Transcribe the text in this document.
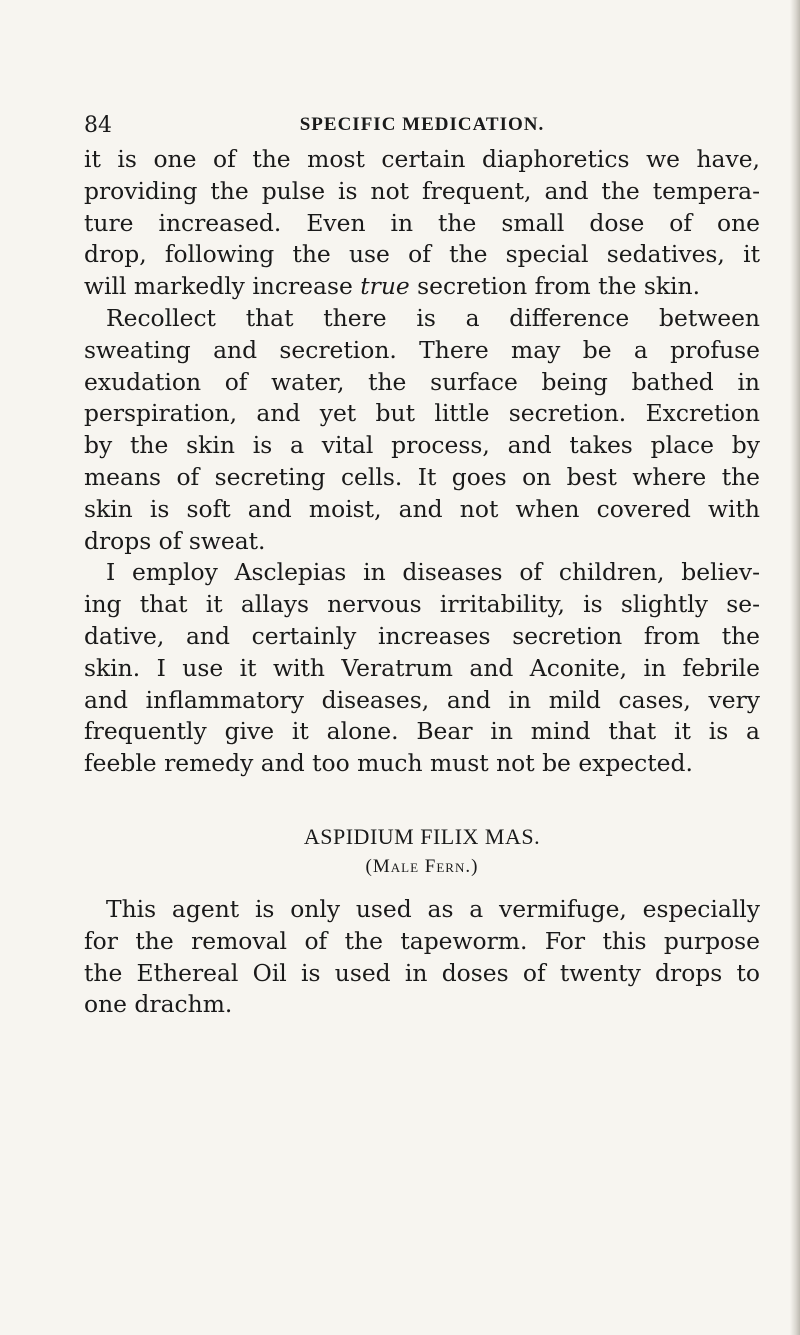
84	SPECIFIC MEDICATION.
it is one of the most certain diaphoretics we have,
providing the pulse is not frequent, and the tempera-
ture increased. Even in the small dose of one
drop, following the use of the special sedatives, it
will markedly increase true secretion from the skin.
Recollect that there is a difference between
sweating and secretion. There may be a profuse
exudation of water, the surface being bathed in
perspiration, and yet but little secretion. Excretion
by the skin is a vital process, and takes place by
means of secreting cells. It goes on best where the
skin is soft and moist, and not when covered with
drops of sweat.
I employ Asclepias in diseases of children, believ-
ing that it allays nervous irritability, is slightly se-
dative, and certainly increases secretion from the
skin. I use it with Veratrum and Aconite, in febrile
and inflammatory diseases, and in mild cases, very
frequently give it alone. Bear in mind that it is a
feeble remedy and too much must not be expected.
ASPIDIUM FILIX MAS.
(Male Fern.)
This agent is only used as a vermifuge, especially
for the removal of the tapeworm. For this purpose
the Ethereal Oil is used in doses of twenty drops to
one drachm.
